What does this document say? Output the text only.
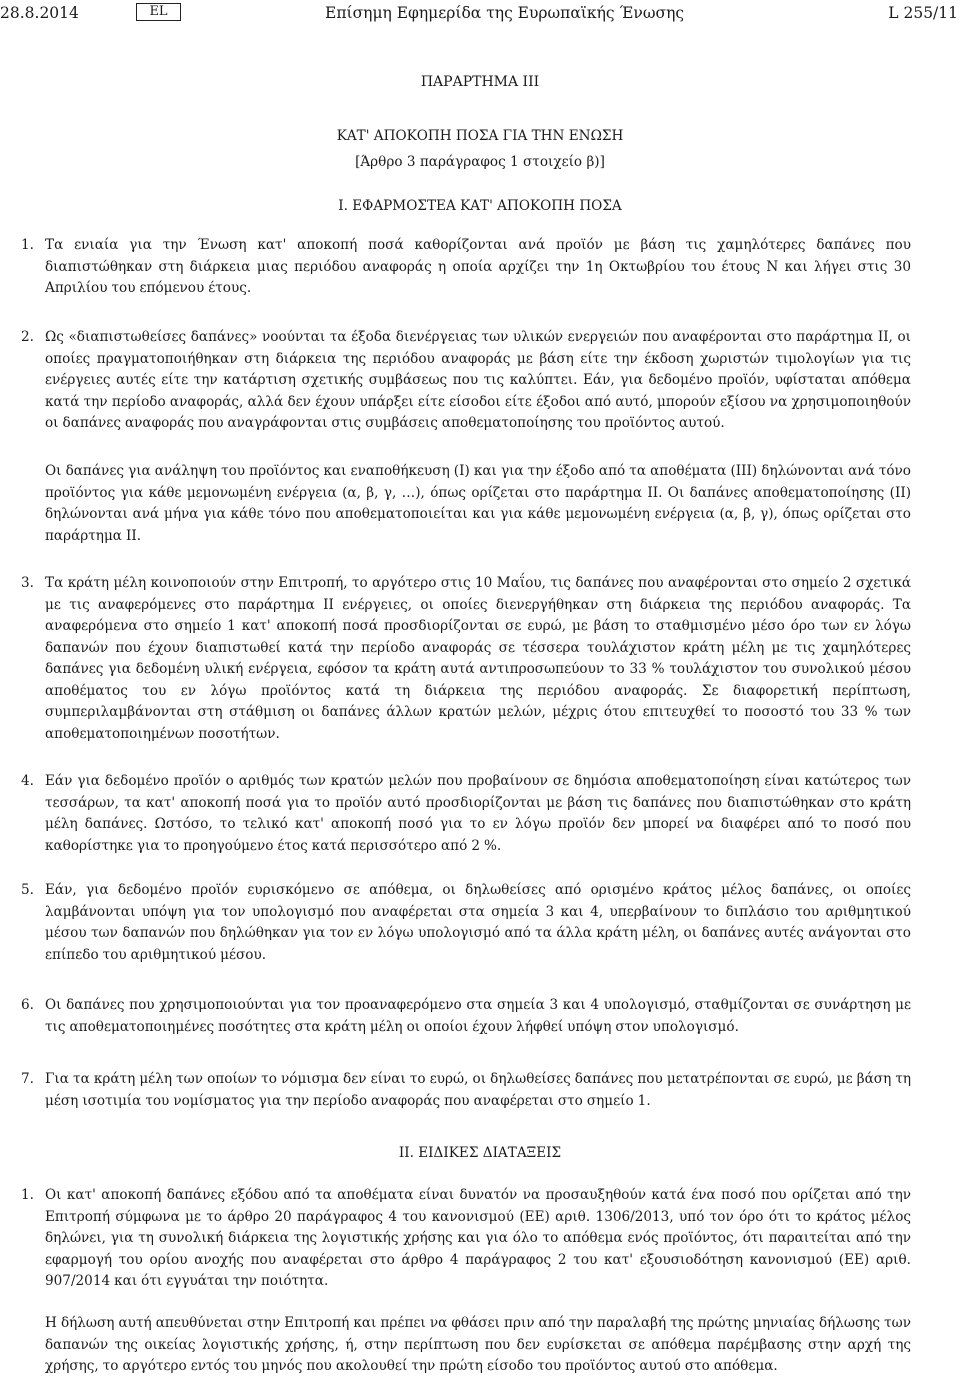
28.8.2014	EL	Επίσημη Εφημερίδα της Ευρωπαϊκής Ένωσης	L 255/11
ΠΑΡΑΡΤΗΜΑ III
ΚΑΤ' ΑΠΟΚΟΠΗ ΠΟΣΑ ΓΙΑ ΤΗΝ ΕΝΩΣΗ
[Άρθρο 3 παράγραφος 1 στοιχείο β)]
I. ΕΦΑΡΜΟΣΤΕΑ ΚΑΤ' ΑΠΟΚΟΠΗ ΠΟΣΑ
1. Τα ενιαία για την Ένωση κατ' αποκοπή ποσά καθορίζονται ανά προϊόν με βάση τις χαμηλότερες δαπάνες που διαπιστώθηκαν στη διάρκεια μιας περιόδου αναφοράς η οποία αρχίζει την 1η Οκτωβρίου του έτους Ν και λήγει στις 30 Απριλίου του επόμενου έτους.
2. Ως «διαπιστωθείσες δαπάνες» νοούνται τα έξοδα διενέργειας των υλικών ενεργειών που αναφέρονται στο παράρτημα II, οι οποίες πραγματοποιήθηκαν στη διάρκεια της περιόδου αναφοράς με βάση είτε την έκδοση χωριστών τιμολογίων για τις ενέργειες αυτές είτε την κατάρτιση σχετικής συμβάσεως που τις καλύπτει. Εάν, για δεδομένο προϊόν, υφίσταται απόθεμα κατά την περίοδο αναφοράς, αλλά δεν έχουν υπάρξει είτε είσοδοι είτε έξοδοι από αυτό, μπορούν εξίσου να χρησιμοποιηθούν οι δαπάνες αναφοράς που αναγράφονται στις συμβάσεις αποθεματοποίησης του προϊόντος αυτού.
Οι δαπάνες για ανάληψη του προϊόντος και εναποθήκευση (I) και για την έξοδο από τα αποθέματα (III) δηλώνονται ανά τόνο προϊόντος για κάθε μεμονωμένη ενέργεια (α, β, γ, …), όπως ορίζεται στο παράρτημα II. Οι δαπάνες αποθεματοποίησης (II) δηλώνονται ανά μήνα για κάθε τόνο που αποθεματοποιείται και για κάθε μεμονωμένη ενέργεια (α, β, γ), όπως ορίζεται στο παράρτημα II.
3. Τα κράτη μέλη κοινοποιούν στην Επιτροπή, το αργότερο στις 10 Μαΐου, τις δαπάνες που αναφέρονται στο σημείο 2 σχετικά με τις αναφερόμενες στο παράρτημα II ενέργειες, οι οποίες διενεργήθηκαν στη διάρκεια της περιόδου αναφοράς. Τα αναφερόμενα στο σημείο 1 κατ' αποκοπή ποσά προσδιορίζονται σε ευρώ, με βάση το σταθμισμένο μέσο όρο των εν λόγω δαπανών που έχουν διαπιστωθεί κατά την περίοδο αναφοράς σε τέσσερα τουλάχιστον κράτη μέλη με τις χαμηλότερες δαπάνες για δεδομένη υλική ενέργεια, εφόσον τα κράτη αυτά αντιπροσωπεύουν το 33 % τουλάχιστον του συνολικού μέσου αποθέματος του εν λόγω προϊόντος κατά τη διάρκεια της περιόδου αναφοράς. Σε διαφορετική περίπτωση, συμπεριλαμβάνονται στη στάθμιση οι δαπάνες άλλων κρατών μελών, μέχρις ότου επιτευχθεί το ποσοστό του 33 % των αποθεματοποιημένων ποσοτήτων.
4. Εάν για δεδομένο προϊόν ο αριθμός των κρατών μελών που προβαίνουν σε δημόσια αποθεματοποίηση είναι κατώτερος των τεσσάρων, τα κατ' αποκοπή ποσά για το προϊόν αυτό προσδιορίζονται με βάση τις δαπάνες που διαπιστώθηκαν στο κράτη μέλη δαπάνες. Ωστόσο, το τελικό κατ' αποκοπή ποσό για το εν λόγω προϊόν δεν μπορεί να διαφέρει από το ποσό που καθορίστηκε για το προηγούμενο έτος κατά περισσότερο από 2 %.
5. Εάν, για δεδομένο προϊόν ευρισκόμενο σε απόθεμα, οι δηλωθείσες από ορισμένο κράτος μέλος δαπάνες, οι οποίες λαμβάνονται υπόψη για τον υπολογισμό που αναφέρεται στα σημεία 3 και 4, υπερβαίνουν το διπλάσιο του αριθμητικού μέσου των δαπανών που δηλώθηκαν για τον εν λόγω υπολογισμό από τα άλλα κράτη μέλη, οι δαπάνες αυτές ανάγονται στο επίπεδο του αριθμητικού μέσου.
6. Οι δαπάνες που χρησιμοποιούνται για τον προαναφερόμενο στα σημεία 3 και 4 υπολογισμό, σταθμίζονται σε συνάρτηση με τις αποθεματοποιημένες ποσότητες στα κράτη μέλη οι οποίοι έχουν λήφθεί υπόψη στον υπολογισμό.
7. Για τα κράτη μέλη των οποίων το νόμισμα δεν είναι το ευρώ, οι δηλωθείσες δαπάνες που μετατρέπονται σε ευρώ, με βάση τη μέση ισοτιμία του νομίσματος για την περίοδο αναφοράς που αναφέρεται στο σημείο 1.
II. ΕΙΔΙΚΕΣ ΔΙΑΤΑΞΕΙΣ
1. Οι κατ' αποκοπή δαπάνες εξόδου από τα αποθέματα είναι δυνατόν να προσαυξηθούν κατά ένα ποσό που ορίζεται από την Επιτροπή σύμφωνα με το άρθρο 20 παράγραφος 4 του κανονισμού (ΕΕ) αριθ. 1306/2013, υπό τον όρο ότι το κράτος μέλος δηλώνει, για τη συνολική διάρκεια της λογιστικής χρήσης και για όλο το απόθεμα ενός προϊόντος, ότι παραιτείται από την εφαρμογή του ορίου ανοχής που αναφέρεται στο άρθρο 4 παράγραφος 2 του κατ' εξουσιοδότηση κανονισμού (ΕΕ) αριθ. 907/2014 και ότι εγγυάται την ποιότητα.
Η δήλωση αυτή απευθύνεται στην Επιτροπή και πρέπει να φθάσει πριν από την παραλαβή της πρώτης μηνιαίας δήλωσης των δαπανών της οικείας λογιστικής χρήσης, ή, στην περίπτωση που δεν ευρίσκεται σε απόθεμα παρέμβασης στην αρχή της χρήσης, το αργότερο εντός του μηνός που ακολουθεί την πρώτη είσοδο του προϊόντος αυτού στο απόθεμα.
